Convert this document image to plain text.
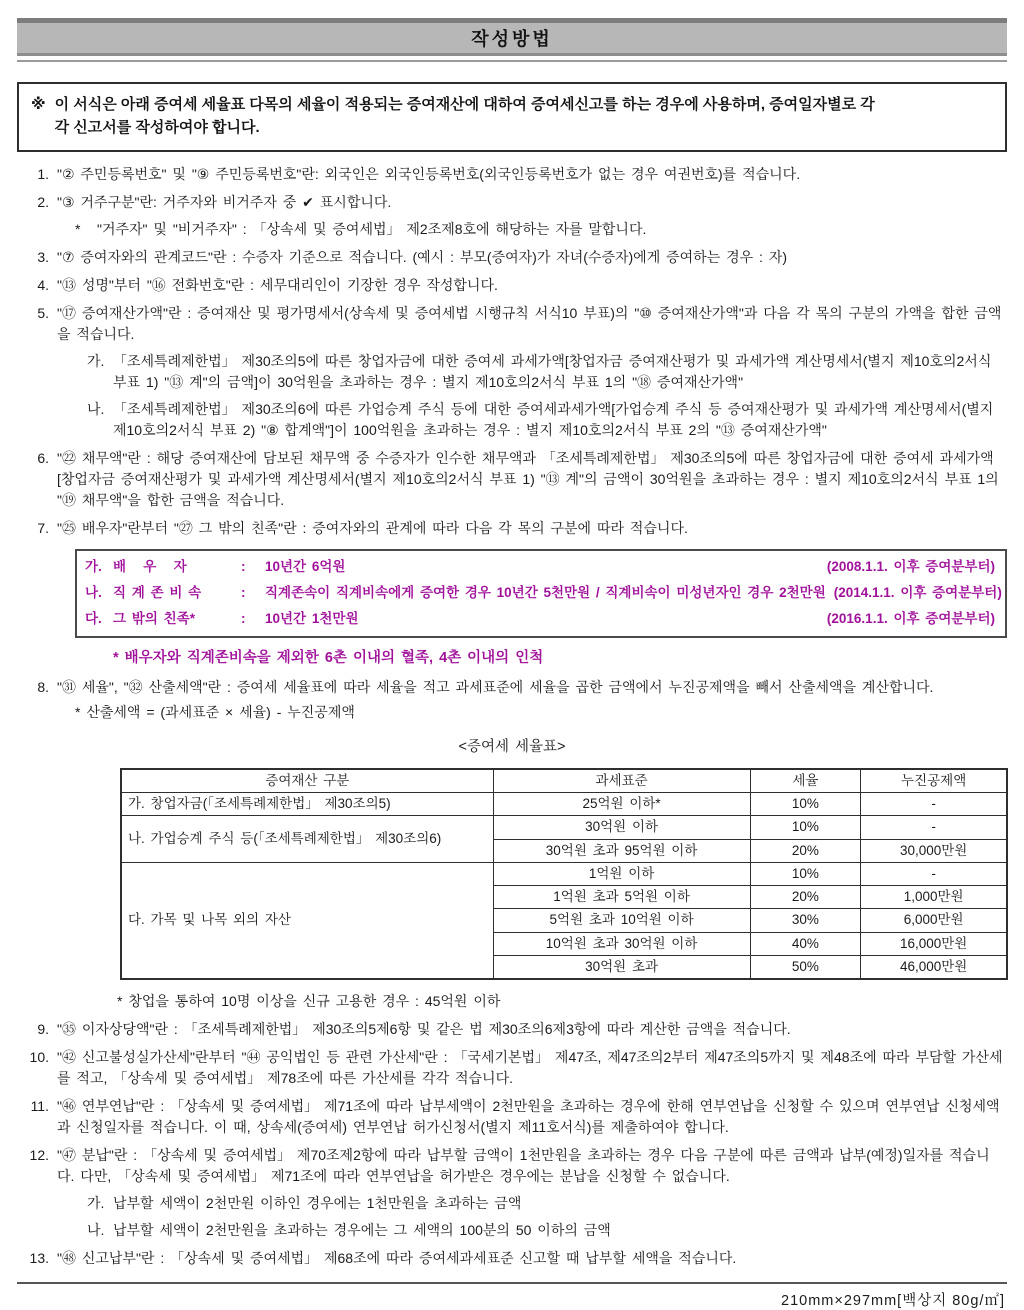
작성방법
※ 이 서식은 아래 증여세 세율표 다목의 세율이 적용되는 증여재산에 대하여 증여세신고를 하는 경우에 사용하며, 증여일자별로 각
각 신고서를 작성하여야 합니다.
1. "② 주민등록번호" 및 "⑨ 주민등록번호"란: 외국인은 외국인등록번호(외국인등록번호가 없는 경우 여권번호)를 적습니다.
2. "③ 거주구분"란: 거주자와 비거주자 중 ✔ 표시합니다.
*	"거주자" 및 "비거주자" : 「상속세 및 증여세법」 제2조제8호에 해당하는 자를 말합니다.
3. "⑦ 증여자와의 관계코드"란 : 수증자 기준으로 적습니다. (예시 : 부모(증여자)가 자녀(수증자)에게 증여하는 경우 : 자)
4. "⑬ 성명"부터 "⑯ 전화번호"란 : 세무대리인이 기장한 경우 작성합니다.
5. "⑰ 증여재산가액"란 : 증여재산 및 평가명세서(상속세 및 증여세법 시행규칙 서식10 부표)의 "⑩ 증여재산가액"과 다음 각 목의 구분의 가액을 합한 금액을 적습니다.
가. 「조세특례제한법」 제30조의5에 따른 창업자금에 대한 증여세 과세가액[창업자금 증여재산평가 및 과세가액 계산명세서(별지 제10호의2서식 부표 1) "⑬ 계"의 금액]이 30억원을 초과하는 경우 : 별지 제10호의2서식 부표 1의 "⑱ 증여재산가액"
나. 「조세특례제한법」 제30조의6에 따른 가업승계 주식 등에 대한 증여세과세가액[가업승계 주식 등 증여재산평가 및 과세가액 계산명세서(별지 제10호의2서식 부표 2) "⑧ 합계액"]이 100억원을 초과하는 경우 : 별지 제10호의2서식 부표 2의 "⑬ 증여재산가액"
6. "㉒ 채무액"란 : 해당 증여재산에 담보된 채무액 중 수증자가 인수한 채무액과 「조세특례제한법」 제30조의5에 따른 창업자금에 대한 증여세 과세가액[창업자금 증여재산평가 및 과세가액 계산명세서(별지 제10호의2서식 부표 1) "⑬ 계"의 금액이 30억원을 초과하는 경우 : 별지 제10호의2서식 부표 1의 "⑲ 채무액"을 합한 금액을 적습니다.
7. "㉕ 배우자"란부터 "㉗ 그 밖의 친족"란 : 증여자와의 관계에 따라 다음 각 목의 구분에 따라 적습니다.
가. 배   우   자	:	10년간 6억원	(2008.1.1. 이후 증여분부터)
나. 직 계 존 비 속	:	직계존속이 직계비속에게 증여한 경우 10년간 5천만원 / 직계비속이 미성년자인 경우 2천만원 (2014.1.1. 이후 증여분부터)
다. 그 밖의 친족*	:	10년간 1천만원	(2016.1.1. 이후 증여분부터)
* 배우자와 직계존비속을 제외한 6촌 이내의 혈족, 4촌 이내의 인척
8. "㉛ 세율", "㉜ 산출세액"란 : 증여세 세율표에 따라 세율을 적고 과세표준에 세율을 곱한 금액에서 누진공제액을 빼서 산출세액을 계산합니다.
* 산출세액 = (과세표준 × 세율) - 누진공제액
<증여세 세율표>
증여재산 구분	과세표준	세율	누진공제액
가. 창업자금(「조세특례제한법」 제30조의5)	25억원 이하*	10%	-
나. 가업승계 주식 등(「조세특례제한법」 제30조의6)	30억원 이하	10%	-
	30억원 초과 95억원 이하	20%	30,000만원
다. 가목 및 나목 외의 자산	1억원 이하	10%	-
	1억원 초과 5억원 이하	20%	1,000만원
	5억원 초과 10억원 이하	30%	6,000만원
	10억원 초과 30억원 이하	40%	16,000만원
	30억원 초과	50%	46,000만원
* 창업을 통하여 10명 이상을 신규 고용한 경우 : 45억원 이하
9. "㉟ 이자상당액"란 : 「조세특례제한법」 제30조의5제6항 및 같은 법 제30조의6제3항에 따라 계산한 금액을 적습니다.
10. "㊷ 신고불성실가산세"란부터 "㊹ 공익법인 등 관련 가산세"란 : 「국세기본법」 제47조, 제47조의2부터 제47조의5까지 및 제48조에 따라 부담할 가산세를 적고, 「상속세 및 증여세법」 제78조에 따른 가산세를 각각 적습니다.
11. "㊻ 연부연납"란 : 「상속세 및 증여세법」 제71조에 따라 납부세액이 2천만원을 초과하는 경우에 한해 연부연납을 신청할 수 있으며 연부연납 신청세액과 신청일자를 적습니다. 이 때, 상속세(증여세) 연부연납 허가신청서(별지 제11호서식)를 제출하여야 합니다.
12. "㊼ 분납"란 : 「상속세 및 증여세법」 제70조제2항에 따라 납부할 금액이 1천만원을 초과하는 경우 다음 구분에 따른 금액과 납부(예정)일자를 적습니다. 다만, 「상속세 및 증여세법」 제71조에 따라 연부연납을 허가받은 경우에는 분납을 신청할 수 없습니다.
가. 납부할 세액이 2천만원 이하인 경우에는 1천만원을 초과하는 금액
나. 납부할 세액이 2천만원을 초과하는 경우에는 그 세액의 100분의 50 이하의 금액
13. "㊽ 신고납부"란 : 「상속세 및 증여세법」 제68조에 따라 증여세과세표준 신고할 때 납부할 세액을 적습니다.
210mm×297mm[백상지 80g/㎡]
